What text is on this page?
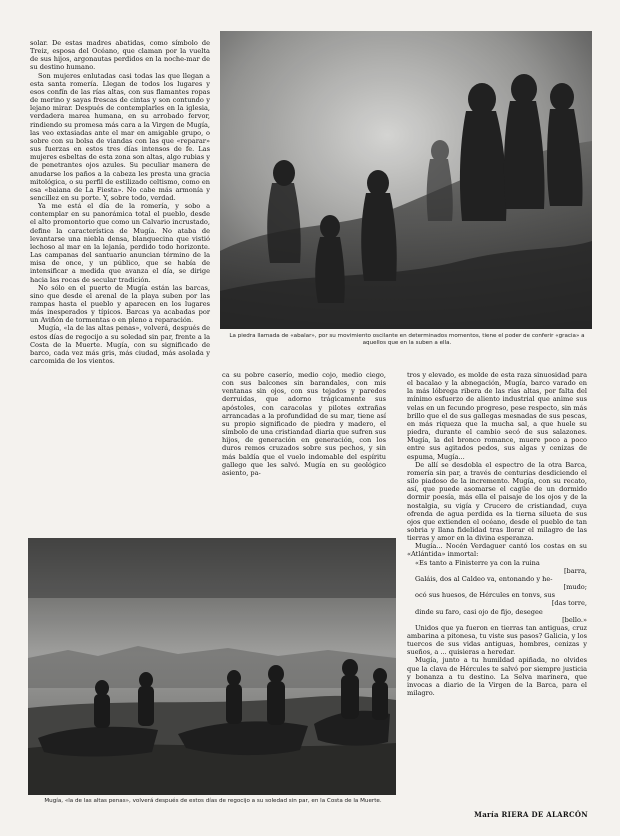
solar. De estas madres abatidas, como símbolo de Treiz, esposa del Océano, que claman por la vuelta de sus hijos, argonautas perdidos en la noche-mar de su destino humano.

Son mujeres enlutadas casi todas las que llegan a esta santa romería. Llegan de todos los lugares y esos confín de las rías altas, con sus flamantes ropas de merino y sayas frescas de cintas y son contundo y lejano mirar. Después de contemplarles en la iglesia, verdadera marea humana, en su arrobado fervor, rindiendo su promesa más cara a la Virgen de Mugía, las veo extasiadas ante el mar en amigable grupo, o sobre con su bolsa de viandas con las que «reparar» sus fuerzas en estos tres días intensos de fe. Las mujeres esbeltas de esta zona son altas, algo rubias y de penetrantes ojos azules. Su peculiar manera de anudarse los paños a la cabeza les presta una gracia mitológica, o su perfil de estilizado celtismo, como en esa «baiana de La Fiesta». No cabe más armonía y sencillez en su porte. Y, sobre todo, verdad.

Ya me está el día de la romería, y sobo a contemplar en su panorámica total el pueblo, desde el alto promontorio que como un Calvario incrustado, define la característica de Mugía. No ataba de levantarse una niebla densa, blanquecina que vistió lechoso al mar en la lejanía, perdido todo horizonte. Las campanas del santuario anuncian término de la misa de once, y un público, que se había de intensificar a medida que avanza el día, se dirige hacia las rocas de secular tradición.

No sólo en el puerto de Mugía están las barcas, sino que desde el arenal de la playa suben por las rampas hasta el pueblo y aparecen en los lugares más inesperados y típicos. Barcas ya acabadas por un Aviñón de tormentas o en pleno a reparación.

Mugía, «la de las altas penas», volverá, después de estos días de regocijo a su soledad sin par, frente a la Costa de la Muerte. Mugía, con su significado de barco, cada vez más gris, más ciudad, más asolada y carcomida de los vientos.

La piedra llamada de «abalar», por su movimiento oscilante en determinados momentos, tiene el poder de conferir «gracia» a aquellos que en la suben a ella.

ca su pobre caserío, medio cojo, medio ciego, con sus balcones sin barandales, con mis ventanas sin ojos, con sus tejados y paredes derruidas, que adorno trágicamente sus apóstoles, con caracolas y pilotes extrañas arrancadas a la profundidad de su mar, tiene así su propio significado de piedra y madero, el símbolo de una cristiandad diaria que sufren sus hijos, de generación en generación, con los duros remos cruzados sobre sus pechos, y sin más baldía que el vuelo indomable del espíritu gallego que les salvó. Mugía en su geológico asiento, pa-

tros y elevado, es molde de esta raza sinuosidad para el bacalao y la abnegación, Mugía, barco varado en la más lóbrega ribera de las rías altas, por falta del mínimo esfuerzo de aliento industrial que anime sus velas en un fecundo progreso, pese respecto, sin más brillo que el de sus gallegas mesnadas de sus pescas, en más riqueza que la mucha sal, a que huele su piedra, durante el cambio secó de sus salazones. Mugía, la del bronco romance, muere poco a poco entre sus agitados pedos, sus algas y cenizas de espuma, Mugía...

De allí se desdobla el espectro de la otra Barca, romería sin par, a través de centurias desdiciendo el silo piadoso de la incremento. Mugía, con su recato, así, que puede asomarse el cagüe de un dormido dormir poesía, más ella el paisaje de los ojos y de la nostalgia, su vigía y Crucero de cristiandad, cuya ofrenda de agua perdida es la tierna silueta de sus ojos que extienden el océano, desde el pueblo de tan sobria y llana fidelidad tras llorar el milagro de las tierras y amor en la divina esperanza.

Mugía... Nocén Verdaguer cantó los costas en su «Atlántida» inmortal:

«Es tanto a Finisterre ya con la ruina

[barra,

Galáis, dos al Caldeo va, entonando y he-

[mudo;

ocó sus huesos, de Hércules en tonvs, sus

[das torre,

dinde su faro, casi ojo de fijo, desegee

[bello.»

Unidos que ya fueron en tierras tan antiguas, cruz ambarina a pitonesa, tu viste sus pasos? Galicia, y los tuercos de sus vidas antiguas, hombres, cenizas y sueños, a ... quisieras a heredar.

Mugía, junto a tu humildad apiñada, no olvides que la clava de Hércules te salvó por siempre justicia y bonanza a tu destino. La Selva marinera, que invocas a diario de la Virgen de la Barca, para el milagro.

Mugía, «la de las altas penas», volverá después de estos días de regocijo a su soledad sin par, en la Costa de la Muerte.
María RIERA DE ALARCÓN
